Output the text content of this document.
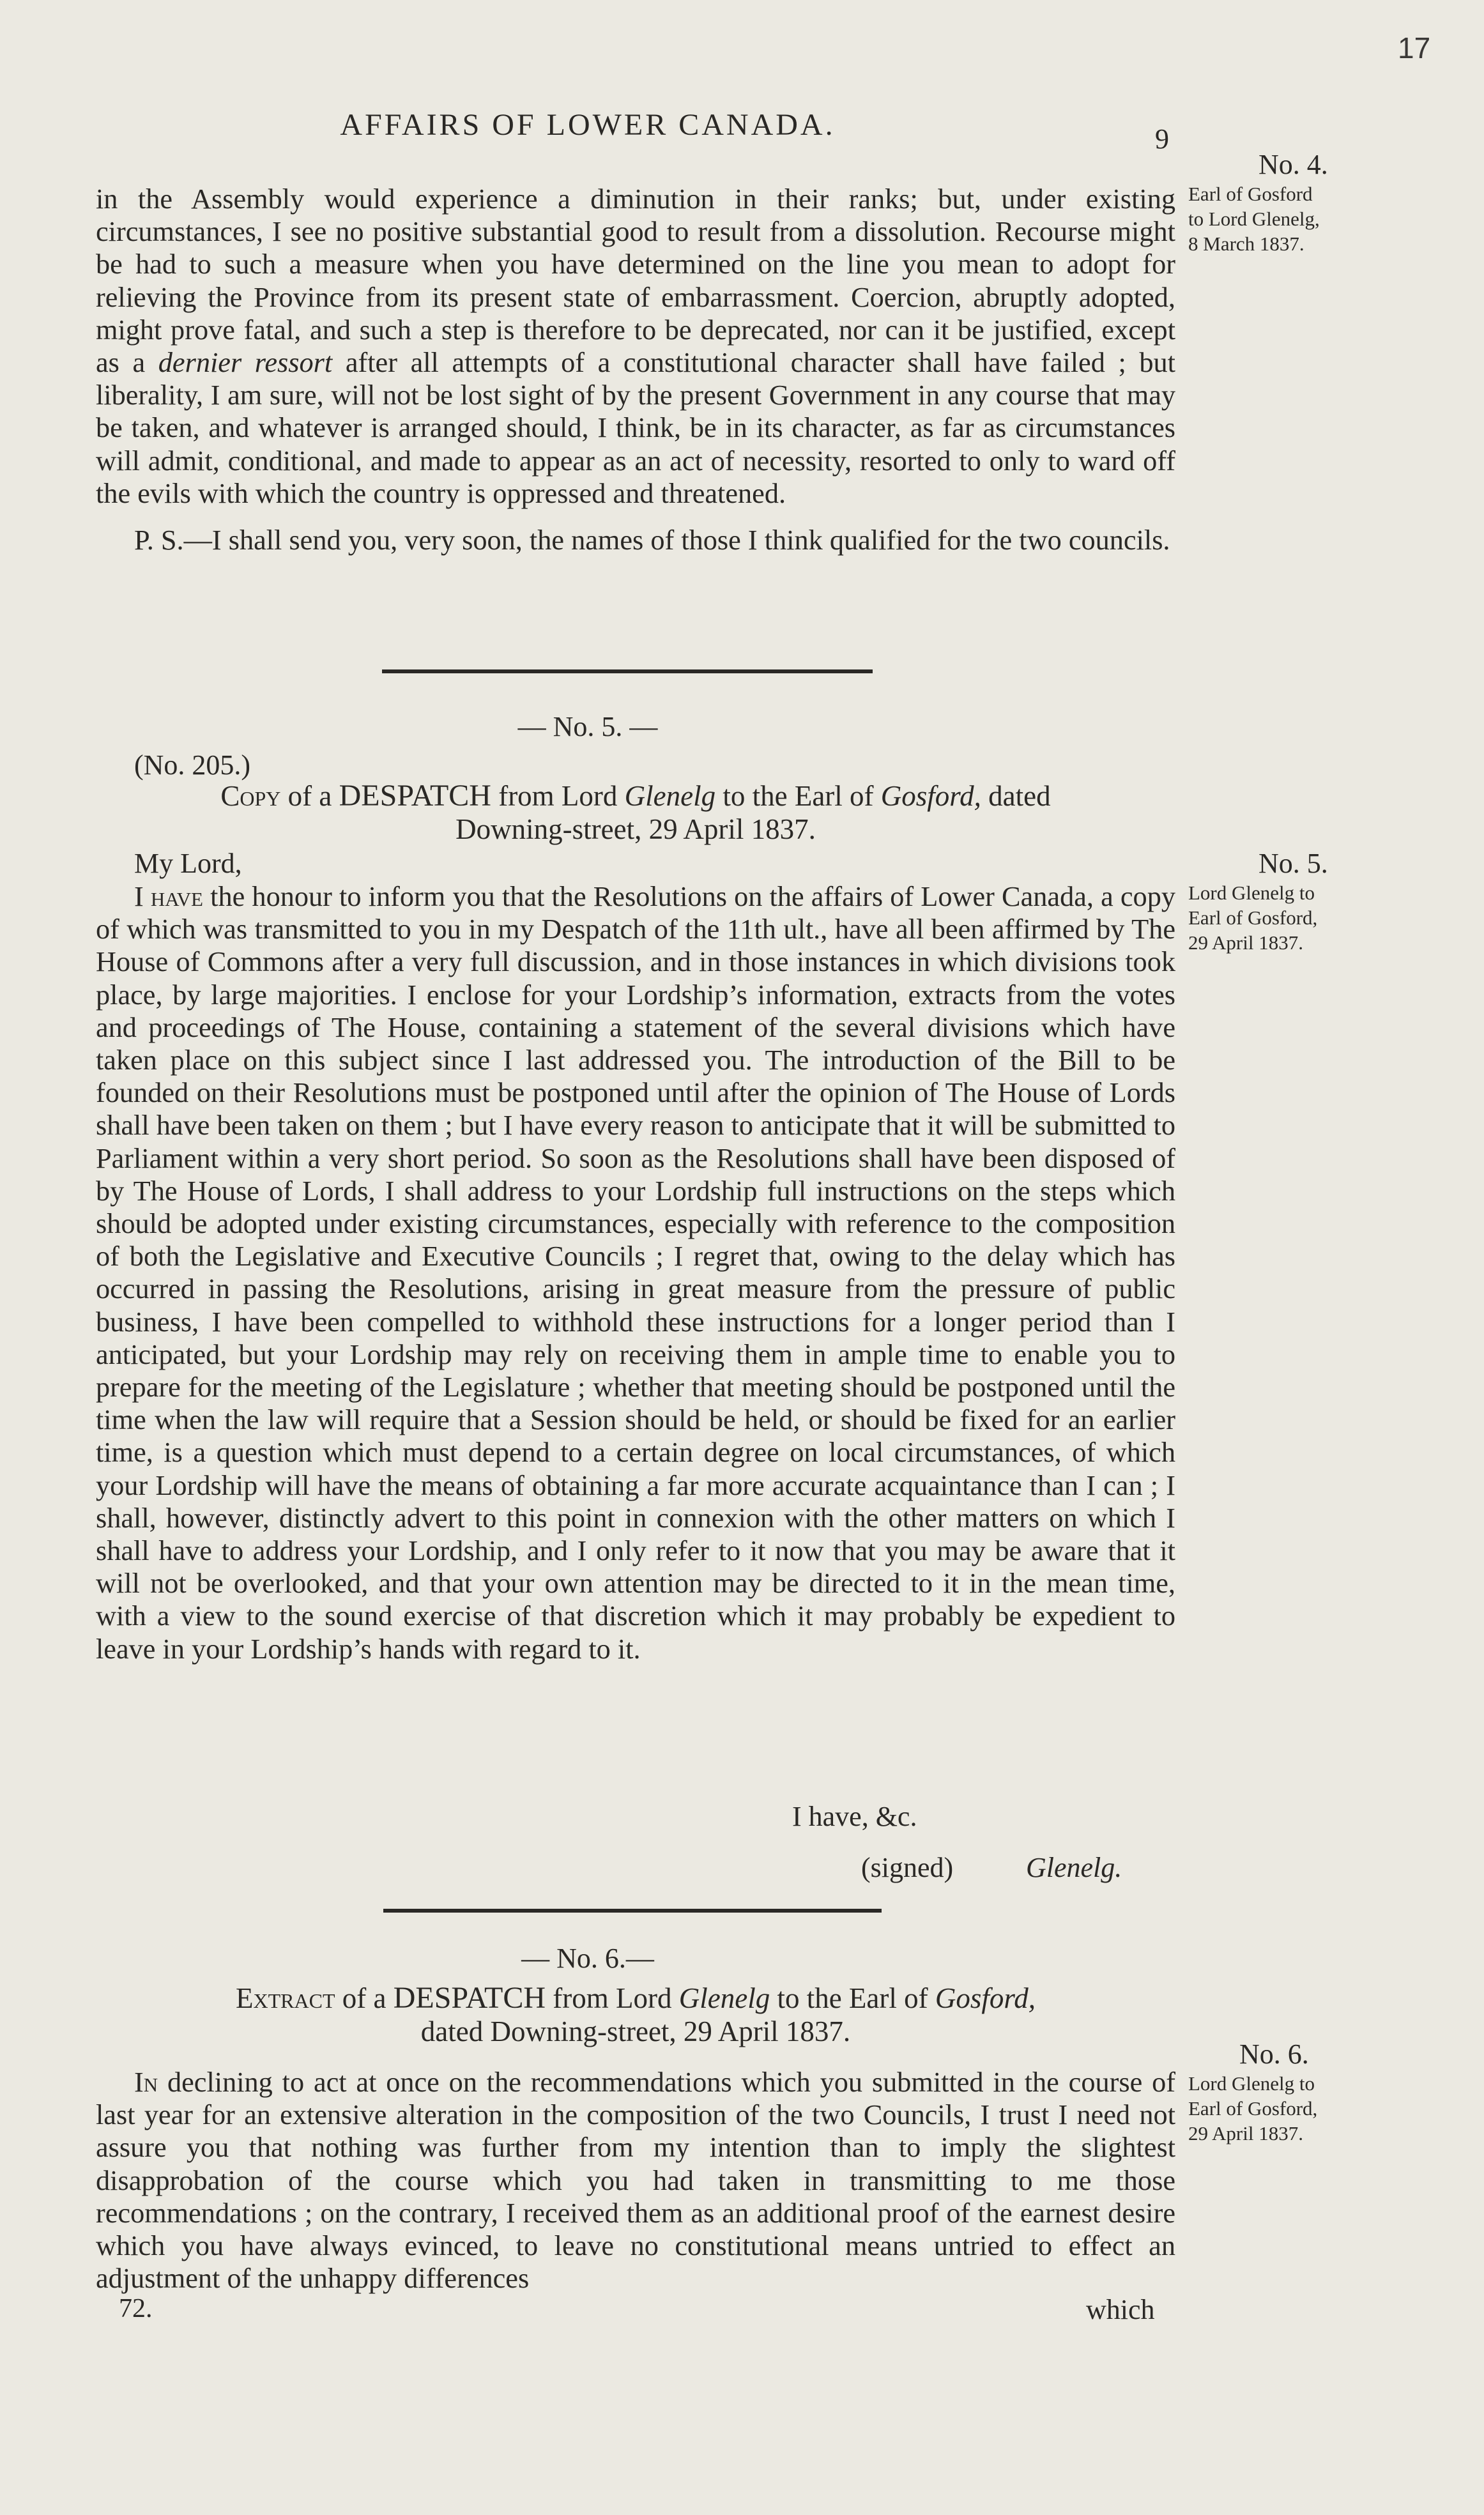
17
AFFAIRS OF LOWER CANADA.	9
No. 4.
Earl of Gosford
to Lord Glenelg,
8 March 1837.

in the Assembly would experience a diminution in their ranks; but, under existing circumstances, I see no positive substantial good to result from a dissolution. Recourse might be had to such a measure when you have determined on the line you mean to adopt for relieving the Province from its present state of embarrassment. Coercion, abruptly adopted, might prove fatal, and such a step is therefore to be deprecated, nor can it be justified, except as a dernier ressort after all attempts of a constitutional character shall have failed ; but liberality, I am sure, will not be lost sight of by the present Government in any course that may be taken, and whatever is arranged should, I think, be in its character, as far as circumstances will admit, conditional, and made to appear as an act of necessity, resorted to only to ward off the evils with which the country is oppressed and threatened.

P. S.—I shall send you, very soon, the names of those I think qualified for the two councils.

— No. 5. —
(No. 205.)
Copy of a DESPATCH from Lord Glenelg to the Earl of Gosford, dated
Downing-street, 29 April 1837.
My Lord,	No. 5.
Lord Glenelg to
Earl of Gosford,
29 April 1837.

I have the honour to inform you that the Resolutions on the affairs of Lower Canada, a copy of which was transmitted to you in my Despatch of the 11th ult., have all been affirmed by The House of Commons after a very full discussion, and in those instances in which divisions took place, by large majorities. I enclose for your Lordship’s information, extracts from the votes and proceedings of The House, containing a statement of the several divisions which have taken place on this subject since I last addressed you. The introduction of the Bill to be founded on their Resolutions must be postponed until after the opinion of The House of Lords shall have been taken on them ; but I have every reason to anticipate that it will be submitted to Parliament within a very short period. So soon as the Resolutions shall have been disposed of by The House of Lords, I shall address to your Lordship full instructions on the steps which should be adopted under existing circumstances, especially with reference to the composition of both the Legislative and Executive Councils ; I regret that, owing to the delay which has occurred in passing the Resolutions, arising in great measure from the pressure of public business, I have been compelled to withhold these instructions for a longer period than I anticipated, but your Lordship may rely on receiving them in ample time to enable you to prepare for the meeting of the Legislature ; whether that meeting should be postponed until the time when the law will require that a Session should be held, or should be fixed for an earlier time, is a question which must depend to a certain degree on local circumstances, of which your Lordship will have the means of obtaining a far more accurate acquaintance than I can ; I shall, however, distinctly advert to this point in connexion with the other matters on which I shall have to address your Lordship, and I only refer to it now that you may be aware that it will not be overlooked, and that your own attention may be directed to it in the mean time, with a view to the sound exercise of that discretion which it may probably be expedient to leave in your Lordship’s hands with regard to it.

I have, &c.
(signed)	Glenelg.
— No. 6.—
Extract of a DESPATCH from Lord Glenelg to the Earl of Gosford,
dated Downing-street, 29 April 1837.
No. 6.
Lord Glenelg to
Earl of Gosford,
29 April 1837.

In declining to act at once on the recommendations which you submitted in the course of last year for an extensive alteration in the composition of the two Councils, I trust I need not assure you that nothing was further from my intention than to imply the slightest disapprobation of the course which you had taken in transmitting to me those recommendations ; on the contrary, I received them as an additional proof of the earnest desire which you have always evinced, to leave no constitutional means untried to effect an adjustment of the unhappy differences

72.	which
